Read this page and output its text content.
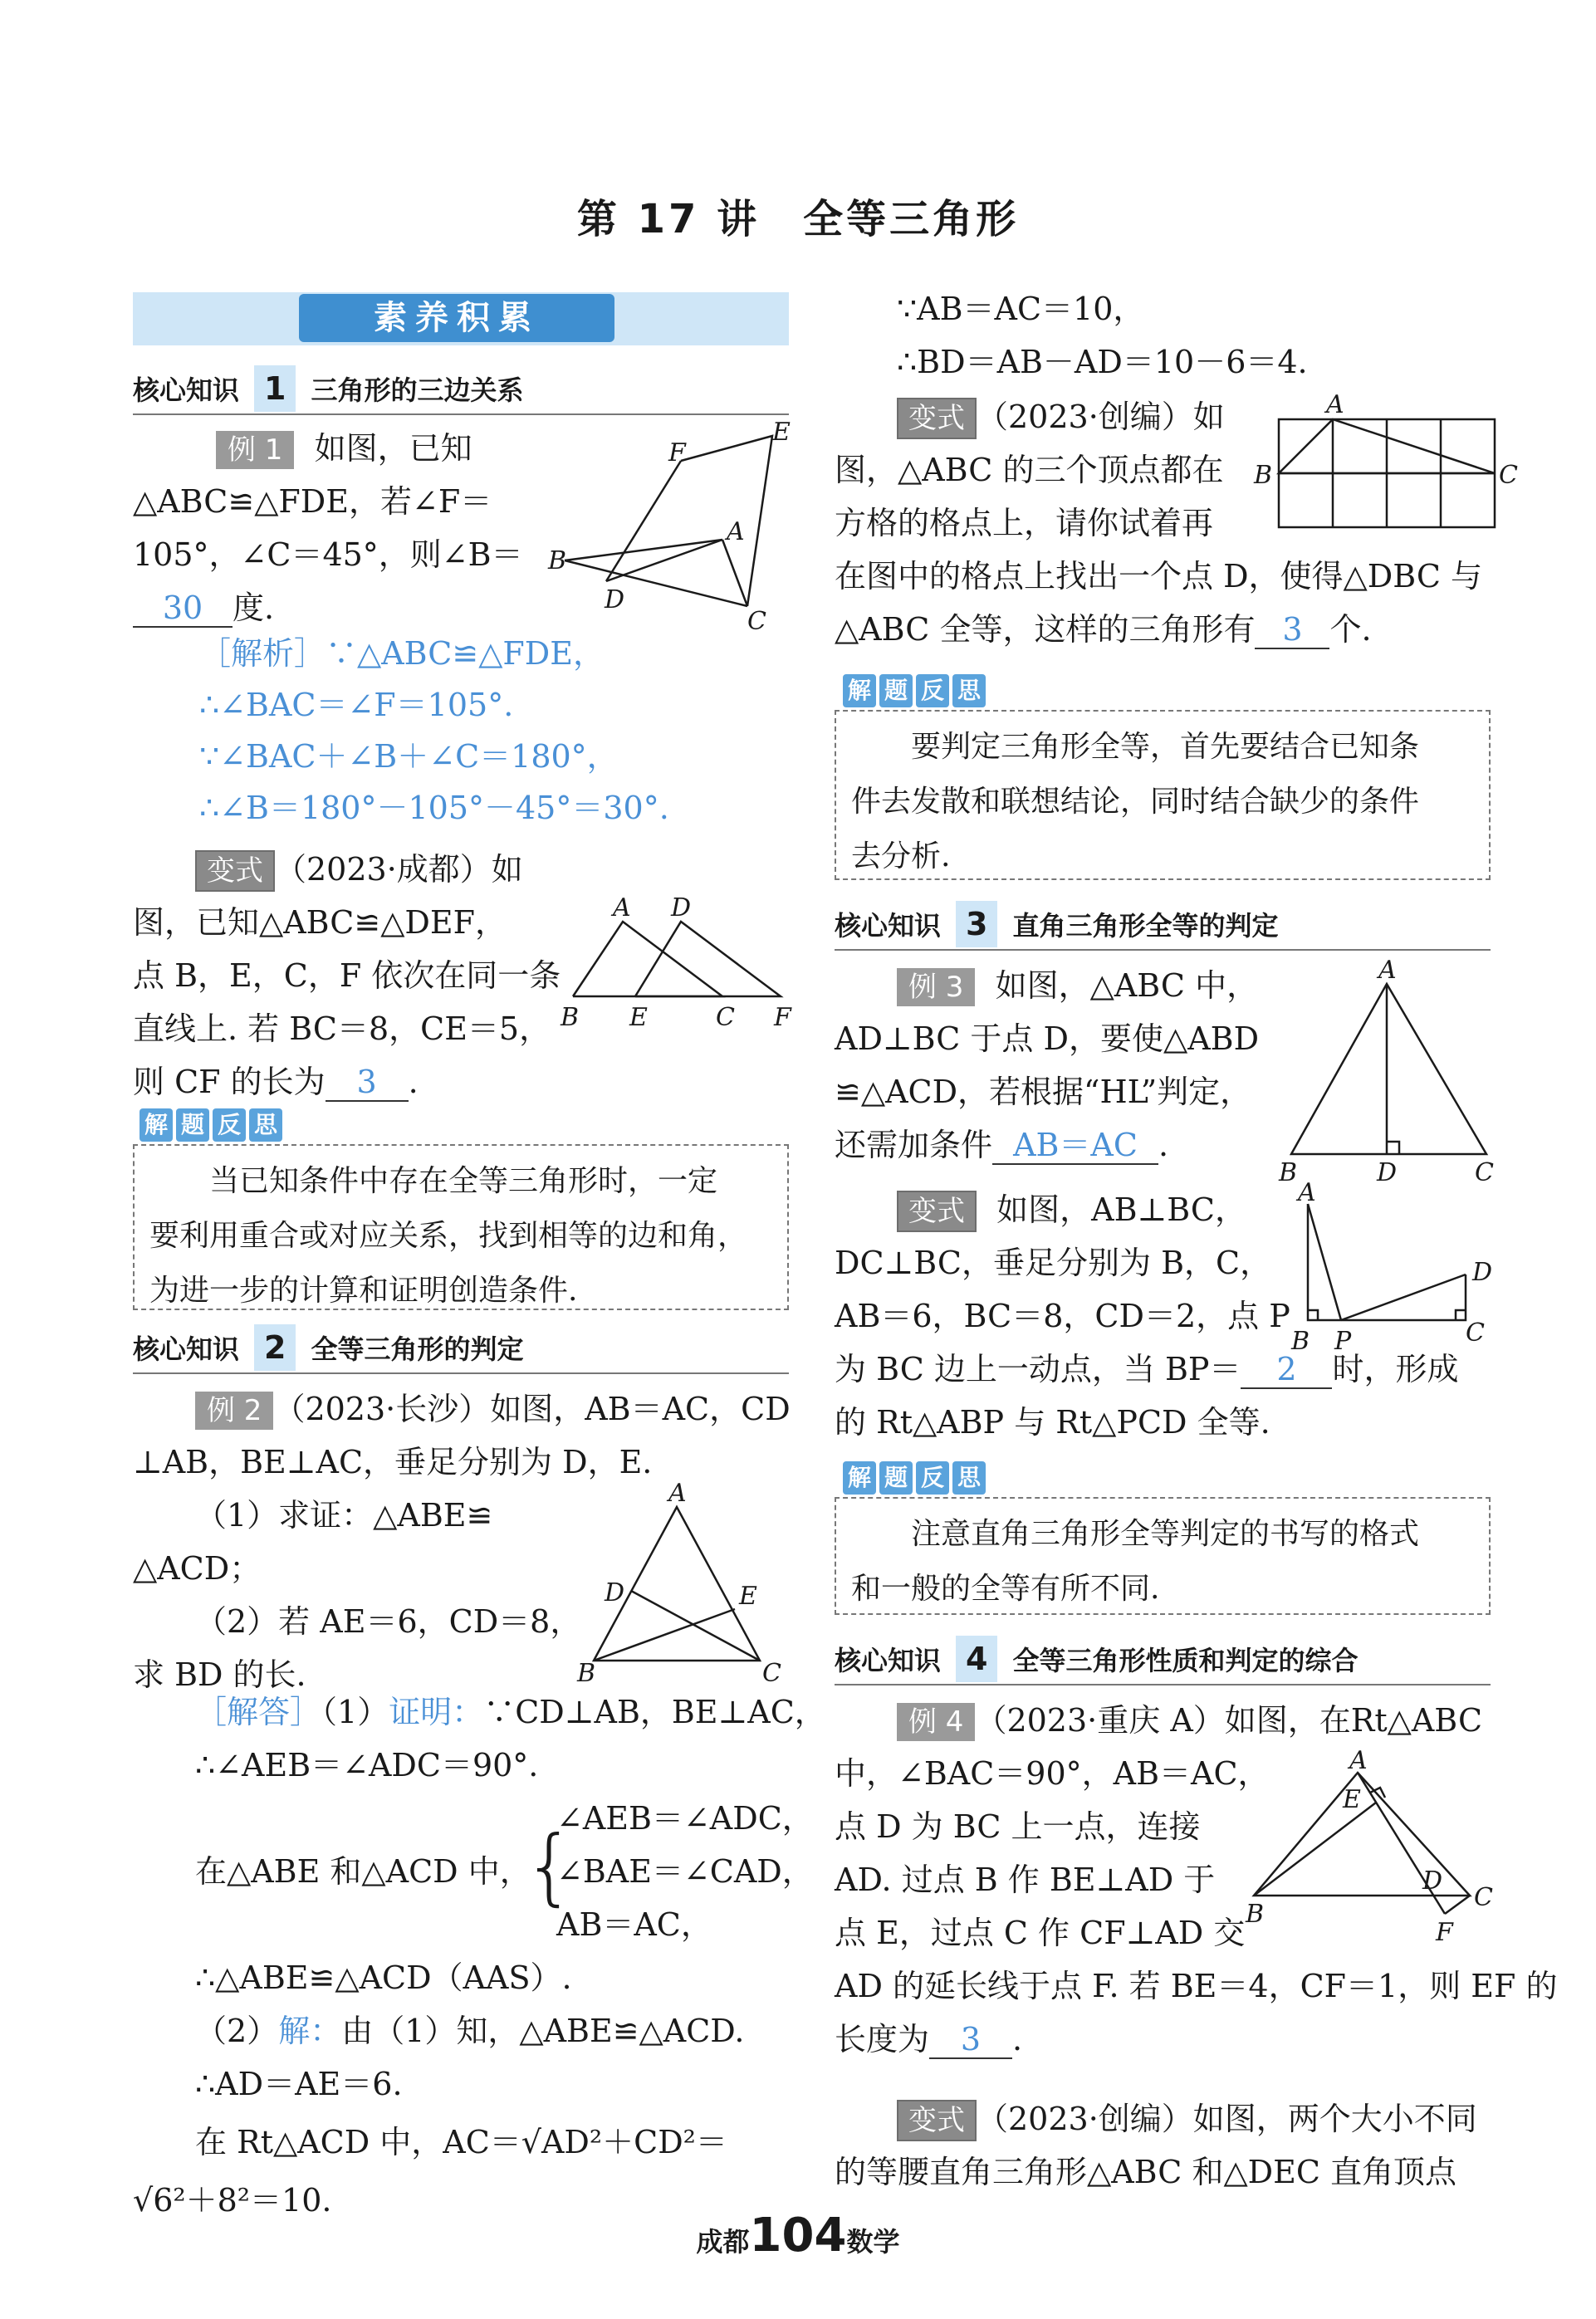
第 17 讲　全等三角形
素养积累
核心知识 1 三角形的三边关系
例 1 如图，已知
△ABC≌△FDE，若∠F＝
105°，∠C＝45°，则∠B＝
30 度.
F
E
A
B
D
C
［解析］∵△ABC≌△FDE，
∴∠BAC＝∠F＝105°.
∵∠BAC＋∠B＋∠C＝180°，
∴∠B＝180°－105°－45°＝30°.
变式 （2023·成都）如
图，已知△ABC≌△DEF，
点 B，E，C，F 依次在同一条
直线上. 若 BC＝8，CE＝5，
则 CF 的长为 3 .
A D
B E	C F
解 题 反 思
当已知条件中存在全等三角形时，一定
要利用重合或对应关系，找到相等的边和角，
为进一步的计算和证明创造条件.
核心知识 2 全等三角形的判定
例 2 （2023·长沙）如图，AB＝AC，CD
⊥AB，BE⊥AC，垂足分别为 D，E.
（1）求证：△ABE≌
△ACD；
（2）若 AE＝6，CD＝8，
求 BD 的长.
A
D	E
B	C
［解答］（1）证明：∵CD⊥AB，BE⊥AC，
∴∠AEB＝∠ADC＝90°.
在△ABE 和△ACD 中，
{
∠AEB＝∠ADC，
∠BAE＝∠CAD，
AB＝AC，
∴△ABE≌△ACD（AAS）.
（2）解：由（1）知，△ABE≌△ACD.
∴AD＝AE＝6.
在 Rt△ACD 中，AC＝√AD²＋CD²＝
√6²＋8²＝10.
∵AB＝AC＝10，
∴BD＝AB－AD＝10－6＝4.
变式 （2023·创编）如
图，△ABC 的三个顶点都在
方格的格点上，请你试着再
在图中的格点上找出一个点 D，使得△DBC 与
△ABC 全等，这样的三角形有 3 个.
A
B	C
解 题 反 思
要判定三角形全等，首先要结合已知条
件去发散和联想结论，同时结合缺少的条件
去分析.
核心知识 3 直角三角形全等的判定
例 3 如图，△ABC 中，
AD⊥BC 于点 D，要使△ABD
≌△ACD，若根据“HL”判定，
还需加条件 AB＝AC .
A
B	D	C
变式 如图，AB⊥BC，
DC⊥BC，垂足分别为 B，C，
AB＝6，BC＝8，CD＝2，点 P
为 BC 边上一动点，当 BP＝ 2 时，形成
的 Rt△ABP 与 Rt△PCD 全等.
A
D
B P	C
解 题 反 思
注意直角三角形全等判定的书写的格式
和一般的全等有所不同.
核心知识 4 全等三角形性质和判定的综合
例 4 （2023·重庆 A）如图，在Rt△ABC
中，∠BAC＝90°，AB＝AC，
点 D 为 BC 上一点，连接
AD. 过点 B 作 BE⊥AD 于
点 E，过点 C 作 CF⊥AD 交
AD 的延长线于点 F. 若 BE＝4，CF＝1，则 EF 的
长度为 3 .
A
E
D
C
B
F
变式 （2023·创编）如图，两个大小不同
的等腰直角三角形△ABC 和△DEC 直角顶点
成都104数学
